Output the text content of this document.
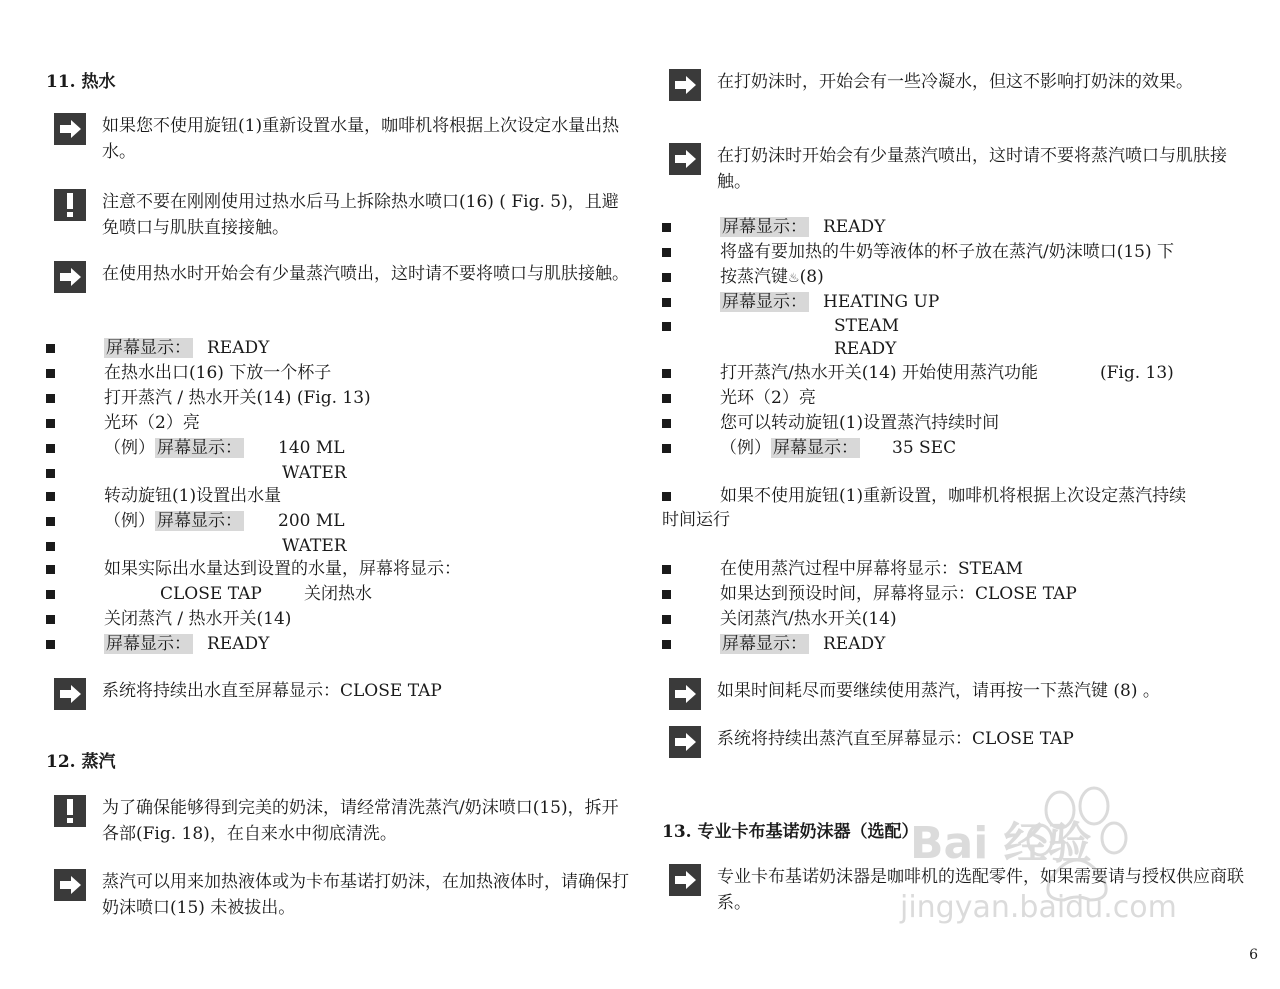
11. 热水
如果您不使用旋钮(1)重新设置水量，咖啡机将根据上次设定水量出热水。
注意不要在刚刚使用过热水后马上拆除热水喷口(16) ( Fig. 5)，且避免喷口与肌肤直接接触。
在使用热水时开始会有少量蒸汽喷出，这时请不要将喷口与肌肤接触。
屏幕显示： READY
在热水出口(16) 下放一个杯子
打开蒸汽 / 热水开关(14) (Fig. 13)
光环（2）亮
（例） 屏幕显示： 140 ML
WATER
转动旋钮(1)设置出水量
（例） 屏幕显示： 200 ML
WATER
如果实际出水量达到设置的水量，屏幕将显示：
CLOSE TAP 关闭热水
关闭蒸汽 / 热水开关(14)
屏幕显示： READY
系统将持续出水直至屏幕显示：CLOSE TAP
12. 蒸汽
为了确保能够得到完美的奶沫，请经常清洗蒸汽/奶沫喷口(15)，拆开各部(Fig. 18)，在自来水中彻底清洗。
蒸汽可以用来加热液体或为卡布基诺打奶沫，在加热液体时，请确保打奶沫喷口(15) 未被拔出。
在打奶沫时，开始会有一些冷凝水，但这不影响打奶沫的效果。
在打奶沫时开始会有少量蒸汽喷出，这时请不要将蒸汽喷口与肌肤接触。
屏幕显示： READY
将盛有要加热的牛奶等液体的杯子放在蒸汽/奶沫喷口(15) 下
按蒸汽键♨(8)
屏幕显示： HEATING UP
STEAM
READY
打开蒸汽/热水开关(14) 开始使用蒸汽功能	(Fig. 13)
光环（2）亮
您可以转动旋钮(1)设置蒸汽持续时间
（例） 屏幕显示： 35 SEC
如果不使用旋钮(1)重新设置，咖啡机将根据上次设定蒸汽持续
时间运行
在使用蒸汽过程中屏幕将显示：STEAM
如果达到预设时间，屏幕将显示：CLOSE TAP
关闭蒸汽/热水开关(14)
屏幕显示： READY
如果时间耗尽而要继续使用蒸汽，请再按一下蒸汽键 (8) 。
系统将持续出蒸汽直至屏幕显示：CLOSE TAP
13. 专业卡布基诺奶沫器（选配）
专业卡布基诺奶沫器是咖啡机的选配零件，如果需要请与授权供应商联系。
Bai 经验
jingyan.baidu.com
6
